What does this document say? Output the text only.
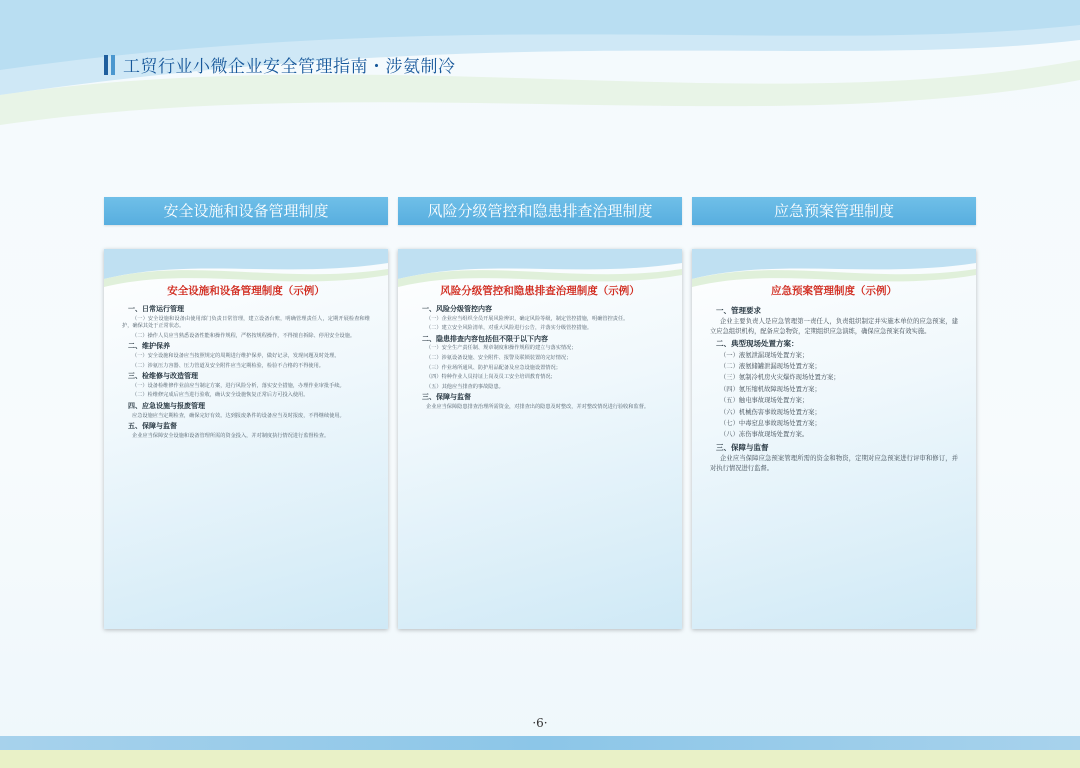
工贸行业小微企业安全管理指南・涉氨制冷
安全设施和设备管理制度	风险分级管控和隐患排查治理制度	应急预案管理制度
安全设施和设备管理制度（示例）
一、日常运行管理

（一）安全设施和设备由使用部门负责日常管理，建立设备台账，明确管理责任人，定期开展检查和维护，确保其处于正常状态。

（二）操作人员应当熟悉设备性能和操作规程，严格按规程操作，不得擅自拆除、停用安全设施。

二、维护保养

（一）安全设施和设备应当按照规定的周期进行维护保养，做好记录，发现问题及时处理。

（二）涉氨压力容器、压力管道及安全附件应当定期检验，检验不合格的不得使用。

三、检维修与改造管理

（一）设备检维修作业前应当制定方案，进行风险分析，落实安全措施，办理作业审批手续。

（二）检维修完成后应当进行验收，确认安全设施恢复正常后方可投入使用。

四、应急设施与报废管理

应急设施应当定期检查，确保完好有效。达到报废条件的设备应当及时报废，不得继续使用。

五、保障与监督

企业应当保障安全设施和设备管理所需的资金投入，并对制度执行情况进行监督检查。

风险分级管控和隐患排查治理制度（示例）
一、风险分级管控内容

（一）企业应当组织全员开展风险辨识，确定风险等级，制定管控措施，明确管控责任。

（二）建立安全风险清单，对重大风险进行公告，并落实分级管控措施。

二、隐患排查内容包括但不限于以下内容

（一）安全生产责任制、规章制度和操作规程的建立与落实情况；

（二）涉氨设备设施、安全附件、报警及联锁装置的完好情况；

（三）作业场所通风、防护用品配备及应急设施设置情况；

（四）特种作业人员持证上岗及员工安全培训教育情况；

（五）其他应当排查的事故隐患。

三、保障与监督

企业应当保障隐患排查治理所需资金，对排查出的隐患及时整改，并对整改情况进行验收和监督。

应急预案管理制度（示例）
一、管理要求

企业主要负责人是应急管理第一责任人，负责组织制定并实施本单位的应急预案，建立应急组织机构，配备应急物资，定期组织应急演练，确保应急预案有效实施。

二、典型现场处置方案：

（一）液氨泄漏现场处置方案；

（二）液氨储罐泄漏现场处置方案；

（三）氨制冷机房火灾爆炸现场处置方案；

（四）氨压缩机故障现场处置方案；

（五）触电事故现场处置方案；

（六）机械伤害事故现场处置方案；

（七）中毒窒息事故现场处置方案；

（八）冻伤事故现场处置方案。

三、保障与监督

企业应当保障应急预案管理所需的资金和物资，定期对应急预案进行评审和修订，并对执行情况进行监督。

·6·
